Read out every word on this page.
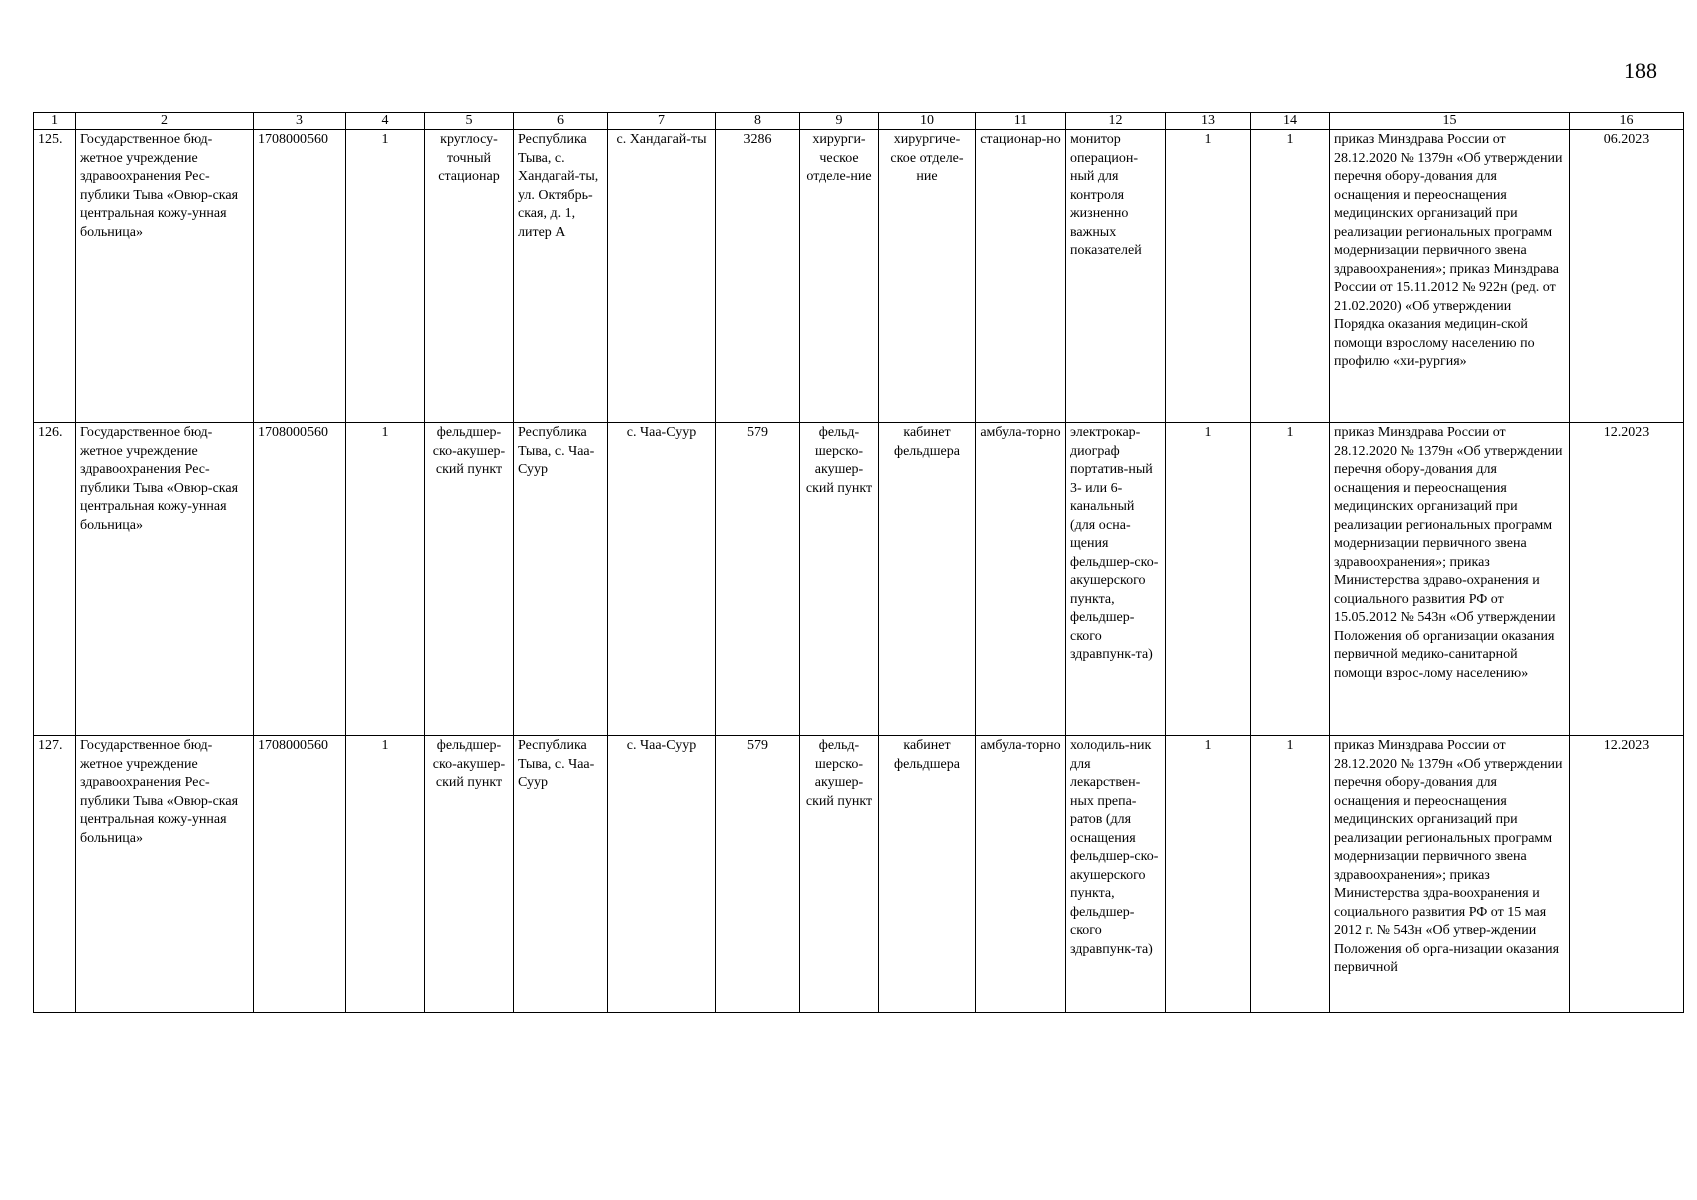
188
1	2	3	4	5	6	7	8	9	10	11	12	13	14	15	16
125.	Государственное бюд-жетное учреждение здравоохранения Рес-публики Тыва «Овюр-ская центральная кожу-унная больница»	1708000560	1	круглосу-точный стационар	Республика Тыва, с. Хандагай-ты, ул. Октябрь-ская, д. 1, литер А	с. Хандагай-ты	3286	хирурги-ческое отделе-ние	хирургиче-ское отделе-ние	стационар-но	монитор операцион-ный для контроля жизненно важных показателей	1	1	приказ Минздрава России от 28.12.2020 № 1379н «Об утверждении перечня обору-дования для оснащения и переоснащения медицинских организаций при реализации региональных программ модернизации первичного звена здравоохранения»; приказ Минздрава России от 15.11.2012 № 922н (ред. от 21.02.2020) «Об утверждении Порядка оказания медицин-ской помощи взрослому населению по профилю «хи-рургия»	06.2023
126.	Государственное бюд-жетное учреждение здравоохранения Рес-публики Тыва «Овюр-ская центральная кожу-унная больница»	1708000560	1	фельдшер-ско-акушер-ский пункт	Республика Тыва, с. Чаа-Суур	с. Чаа-Суур	579	фельд-шерско-акушер-ский пункт	кабинет фельдшера	амбула-торно	электрокар-диограф портатив-ный 3- или 6-канальный (для осна-щения фельдшер-ско-акушерского пункта, фельдшер-ского здравпунк-та)	1	1	приказ Минздрава России от 28.12.2020 № 1379н «Об утверждении перечня обору-дования для оснащения и переоснащения медицинских организаций при реализации региональных программ модернизации первичного звена здравоохранения»; приказ Министерства здраво-охранения и социального развития РФ от 15.05.2012 № 543н «Об утверждении Положения об организации оказания первичной медико-санитарной помощи взрос-лому населению»	12.2023
127.	Государственное бюд-жетное учреждение здравоохранения Рес-публики Тыва «Овюр-ская центральная кожу-унная больница»	1708000560	1	фельдшер-ско-акушер-ский пункт	Республика Тыва, с. Чаа-Суур	с. Чаа-Суур	579	фельд-шерско-акушер-ский пункт	кабинет фельдшера	амбула-торно	холодиль-ник для лекарствен-ных препа-ратов (для оснащения фельдшер-ско-акушерского пункта, фельдшер-ского здравпунк-та)	1	1	приказ Минздрава России от 28.12.2020 № 1379н «Об утверждении перечня обору-дования для оснащения и переоснащения медицинских организаций при реализации региональных программ модернизации первичного звена здравоохранения»; приказ Министерства здра-воохранения и социального развития РФ от 15 мая 2012 г. № 543н «Об утвер-ждении Положения об орга-низации оказания первичной	12.2023
